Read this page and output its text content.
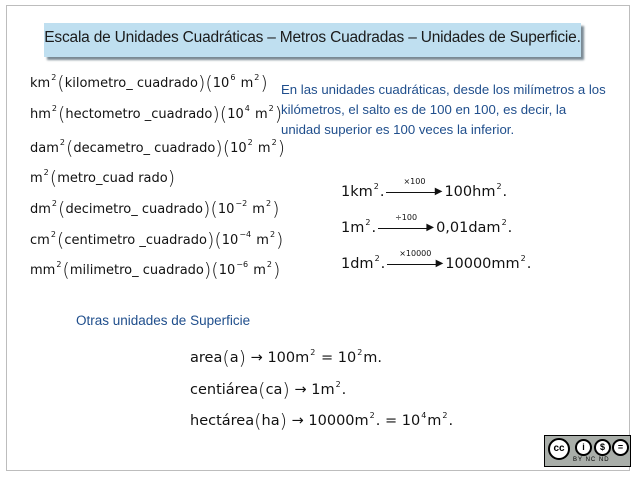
Escala de Unidades Cuadráticas – Metros Cuadradas – Unidades de Superficie.
$km^2(kilometro\_$ $cuadrado)(10^6$ $m^2$)
$hm^2(hectometro$ $\_cuadrado)(10^4$ $m^2$)
dam$^2$(decametro_ $cuadrado)(10^2$ $m^2$)
$m^2(metro\_cuad$ rado)
$dm^2(decimetro\_$ $cuadrado)(10^{-2}$ $m^2$)
$cm^2(centimetro$ $\_cuadrado)(10^{-4}$ $m^2$)
$mm^2(milimetro\_$ $cuadrado)(10^{-6}$ $m^2$)
En las unidades cuadráticas, desde los milímetros a los kilómetros, el salto es de 100 en 100, es decir, la unidad superior es 100 veces la inferior.
$1km^2$.
×100
▶ $100hm^2$.
$1m^2$.
÷100
▶ 0,01dam$^2$.
$1dm^2$.
×10000
▶ $10000mm^2$.
Otras unidades de Superficie
area(a) → $100m^2 = 10^2m$.
centiárea(ca) → $1m^2$.
hectárea(ha) → $10000m^2$. = $10^4m^2$.
cc	i	$	=
BY NC ND
